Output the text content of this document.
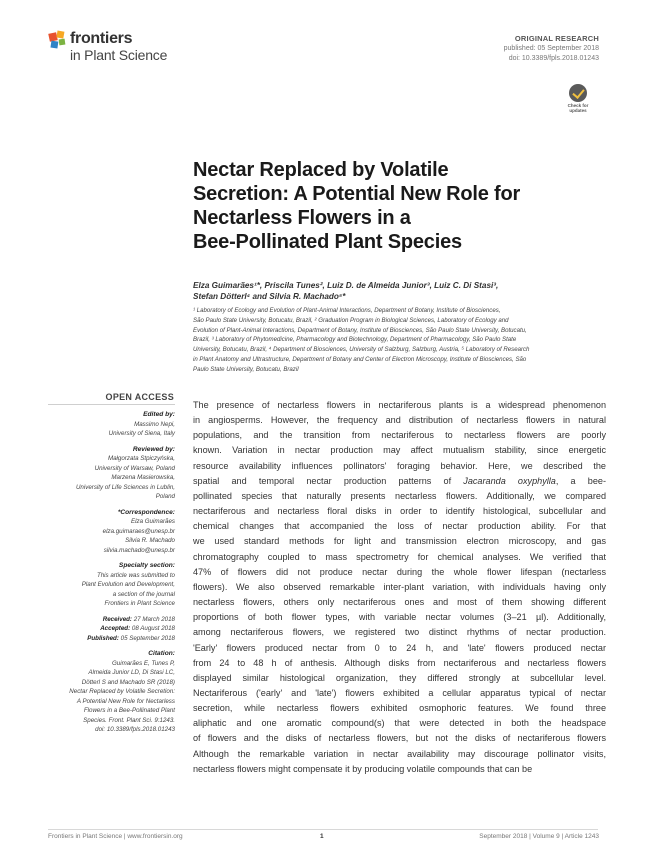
frontiers
in Plant Science
ORIGINAL RESEARCH
published: 05 September 2018
doi: 10.3389/fpls.2018.01243
Check for
updates
Nectar Replaced by Volatile
Secretion: A Potential New Role for
Nectarless Flowers in a
Bee-Pollinated Plant Species
Elza Guimarães¹*, Priscila Tunes², Luiz D. de Almeida Junior³, Luiz C. Di Stasi³,
Stefan Dötterl⁴ and Silvia R. Machado⁵*
¹ Laboratory of Ecology and Evolution of Plant-Animal Interactions, Department of Botany, Institute of Biosciences,
São Paulo State University, Botucatu, Brazil, ² Graduation Program in Biological Sciences, Laboratory of Ecology and
Evolution of Plant-Animal Interactions, Department of Botany, Institute of Biosciences, São Paulo State University, Botucatu,
Brazil, ³ Laboratory of Phytomedicine, Pharmacology and Biotechnology, Department of Pharmacology, São Paulo State
University, Botucatu, Brazil, ⁴ Department of Biosciences, University of Salzburg, Salzburg, Austria, ⁵ Laboratory of Research
in Plant Anatomy and Ultrastructure, Department of Botany and Center of Electron Microscopy, Institute of Biosciences, São
Paulo State University, Botucatu, Brazil
OPEN ACCESS
Edited by:
Massimo Nepi,
University of Siena, Italy
Reviewed by:
Małgorzata Stpiczyńska,
University of Warsaw, Poland
Marzena Masierowska,
University of Life Sciences in Lublin,
Poland
*Correspondence:
Elza Guimarães
elza.guimaraes@unesp.br
Silvia R. Machado
silvia.machado@unesp.br
Specialty section:
This article was submitted to
Plant Evolution and Development,
a section of the journal
Frontiers in Plant Science
Received: 27 March 2018
Accepted: 08 August 2018
Published: 05 September 2018
Citation:
Guimarães E, Tunes P,
Almeida Junior LD, Di Stasi LC,
Dötterl S and Machado SR (2018)
Nectar Replaced by Volatile Secretion:
A Potential New Role for Nectarless
Flowers in a Bee-Pollinated Plant
Species. Front. Plant Sci. 9:1243.
doi: 10.3389/fpls.2018.01243
The presence of nectarless flowers in nectariferous plants is a widespread phenomenon
in angiosperms. However, the frequency and distribution of nectarless flowers in natural
populations, and the transition from nectariferous to nectarless flowers are poorly
known. Variation in nectar production may affect mutualism stability, since energetic
resource availability influences pollinators' foraging behavior. Here, we described the
spatial and temporal nectar production patterns of Jacaranda oxyphylla, a bee-
pollinated species that naturally presents nectarless flowers. Additionally, we compared
nectariferous and nectarless floral disks in order to identify histological, subcellular and
chemical changes that accompanied the loss of nectar production ability. For that
we used standard methods for light and transmission electron microscopy, and gas
chromatography coupled to mass spectrometry for chemical analyses. We verified that
47% of flowers did not produce nectar during the whole flower lifespan (nectarless
flowers). We also observed remarkable inter-plant variation, with individuals having only
nectarless flowers, others only nectariferous ones and most of them showing different
proportions of both flower types, with variable nectar volumes (3–21 µl). Additionally,
among nectariferous flowers, we registered two distinct rhythms of nectar production.
'Early' flowers produced nectar from 0 to 24 h, and 'late' flowers produced nectar
from 24 to 48 h of anthesis. Although disks from nectariferous and nectarless flowers
displayed similar histological organization, they differed strongly at subcellular level.
Nectariferous ('early' and 'late') flowers exhibited a cellular apparatus typical of nectar
secretion, while nectarless flowers exhibited osmophoric features. We found three
aliphatic and one aromatic compound(s) that were detected in both the headspace
of flowers and the disks of nectarless flowers, but not the disks of nectariferous flowers
Although the remarkable variation in nectar availability may discourage pollinator visits,
nectarless flowers might compensate it by producing volatile compounds that can be
Frontiers in Plant Science | www.frontiersin.org	1	September 2018 | Volume 9 | Article 1243
